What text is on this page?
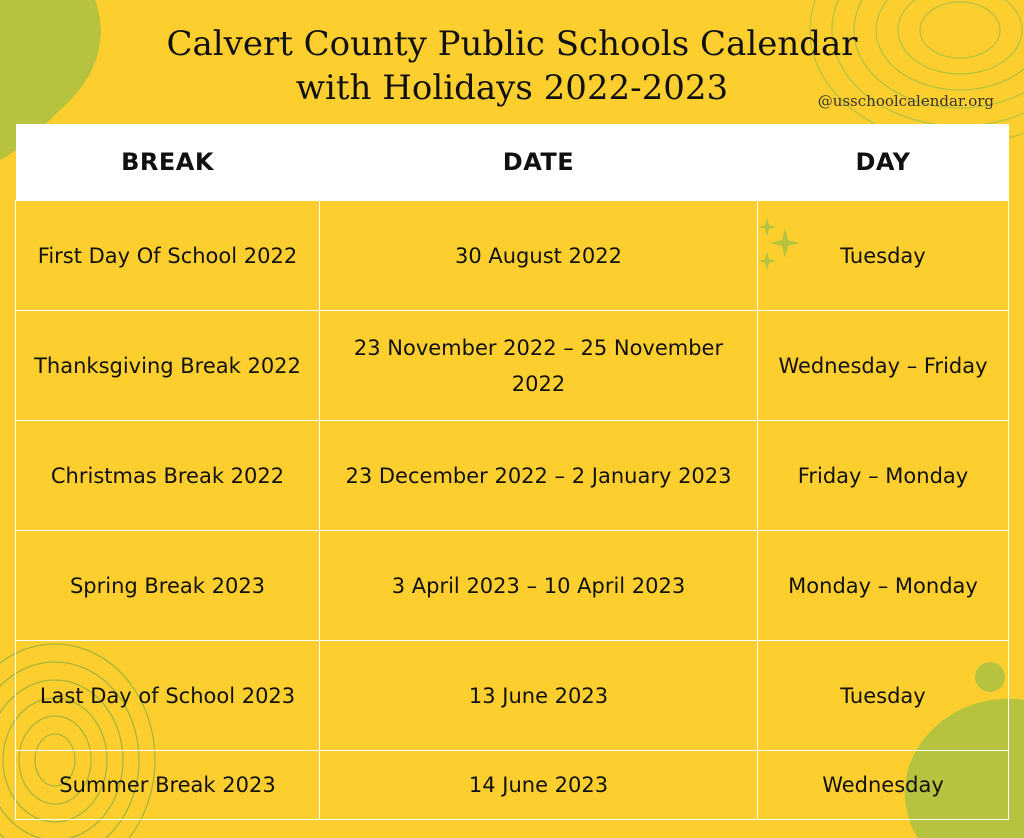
Calvert County Public Schools Calendar
with Holidays 2022-2023	@usschoolcalendar.org
BREAK	DATE	DAY
First Day Of School 2022	30 August 2022	Tuesday
Thanksgiving Break 2022	23 November 2022 – 25 November 2022	Wednesday – Friday
Christmas Break 2022	23 December 2022 – 2 January 2023	Friday – Monday
Spring Break 2023	3 April 2023 – 10 April 2023	Monday – Monday
Last Day of School 2023	13 June 2023	Tuesday
Summer Break 2023	14 June 2023	Wednesday
